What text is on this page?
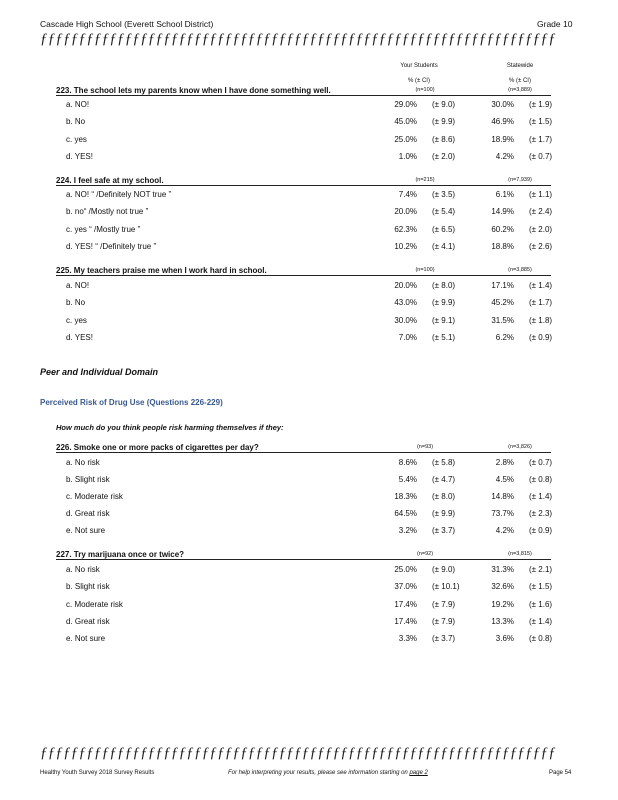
Cascade High School (Everett School District)	Grade 10
ƒƒƒƒƒƒƒƒƒƒƒƒƒƒƒƒƒƒƒƒƒƒƒƒƒƒƒƒƒƒƒƒƒƒƒƒƒƒƒƒƒƒƒƒƒƒƒƒƒƒƒƒƒƒƒƒƒƒƒƒƒƒƒƒƒƒƒ
Your Students	Statewide
% (± CI)	% (± CI)
223. The school lets my parents know when I have done something well.	(n=100)	(n=3,889)
a. NO!	29.0% (± 9.0)	30.0% (± 1.9)
b. No	45.0% (± 9.9)	46.9% (± 1.5)
c. yes	25.0% (± 8.6)	18.9% (± 1.7)
d. YES!	1.0% (± 2.0)	4.2% (± 0.7)
224. I feel safe at my school.	(n=215)	(n=7,939)
a. NO! “ /Definitely NOT true ”	7.4% (± 3.5)	6.1% (± 1.1)
b. no“ /Mostly not true ”	20.0% (± 5.4)	14.9% (± 2.4)
c. yes “ /Mostly true ”	62.3% (± 6.5)	60.2% (± 2.0)
d. YES! “ /Definitely true ”	10.2% (± 4.1)	18.8% (± 2.6)
225. My teachers praise me when I work hard in school.	(n=100)	(n=3,885)
a. NO!	20.0% (± 8.0)	17.1% (± 1.4)
b. No	43.0% (± 9.9)	45.2% (± 1.7)
c. yes	30.0% (± 9.1)	31.5% (± 1.8)
d. YES!	7.0% (± 5.1)	6.2% (± 0.9)
226. Smoke one or more packs of cigarettes per day?	(n=93)	(n=3,826)
a. No risk	8.6% (± 5.8)	2.8% (± 0.7)
b. Slight risk	5.4% (± 4.7)	4.5% (± 0.8)
c. Moderate risk	18.3% (± 8.0)	14.8% (± 1.4)
d. Great risk	64.5% (± 9.9)	73.7% (± 2.3)
e. Not sure	3.2% (± 3.7)	4.2% (± 0.9)
227. Try marijuana once or twice?	(n=92)	(n=3,815)
a. No risk	25.0% (± 9.0)	31.3% (± 2.1)
b. Slight risk	37.0% (± 10.1)	32.6% (± 1.5)
c. Moderate risk	17.4% (± 7.9)	19.2% (± 1.6)
d. Great risk	17.4% (± 7.9)	13.3% (± 1.4)
e. Not sure	3.3% (± 3.7)	3.6% (± 0.8)
Peer and Individual Domain
Perceived Risk of Drug Use (Questions 226-229)
How much do you think people risk harming themselves if they:
ƒƒƒƒƒƒƒƒƒƒƒƒƒƒƒƒƒƒƒƒƒƒƒƒƒƒƒƒƒƒƒƒƒƒƒƒƒƒƒƒƒƒƒƒƒƒƒƒƒƒƒƒƒƒƒƒƒƒƒƒƒƒƒƒƒƒƒ
Healthy Youth Survey 2018 Survey Results	For help interpreting your results, please see information starting on page 2	Page 54
